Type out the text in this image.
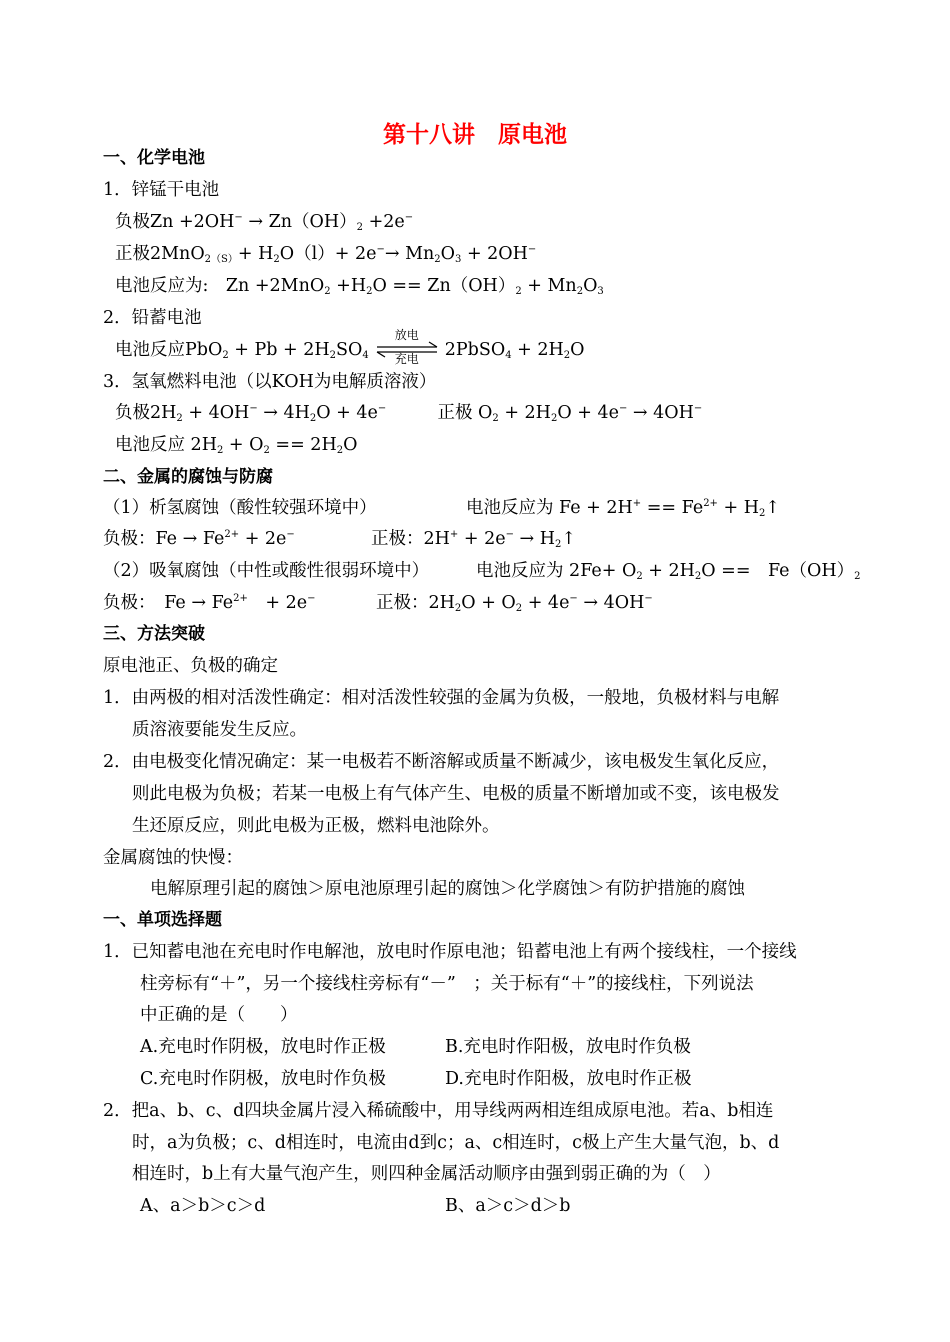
第十八讲　原电池
一、化学电池
1．锌锰干电池
负极$Zn +2OH^- \to Zn(OH)_2 +2e^-$
正极$2MnO_{2(S)}+ H_2O(l)+ 2e^-\to Mn_2O_3 + 2OH^-$
电池反应为:　$Zn +2MnO_2 +H_2O == Zn(OH)_2 + Mn_2O_3$
2．铅蓄电池
电池反应$PbO_2 + Pb + 2H_2SO_4$
放电
充电	2PbSO$_4$ + $2H_2O$
3．氢氧燃料电池（以KOH为电解质溶液）
负极$2H_2 + 4OH^- \to 4H_2O + 4e^-$	正极 $O_2 + 2H_2O + 4e^- \to 4OH^-$
电池反应 $2H_2 + O_2 == 2H_2O$
二、金属的腐蚀与防腐
（1）析氢腐蚀（酸性较强环境中）	电池反应为 $Fe + 2H^+ == Fe^{2+}$ + $H_2↑$
负极：$Fe \to Fe^{2+} + 2e^-$	正极：$2H^+ + 2e^- \to H_2↑$
（2）吸氧腐蚀（中性或酸性很弱环境中）	电池反应为 $2Fe+ O_2 + 2H_2O$ ==　$Fe(OH)_2$
负极：　$Fe \to Fe^{2+}$　+ 2e−	正极：$2H_2O + O_2 + 4e^- \to 4OH^-$
三、方法突破
原电池正、负极的确定
1．由两极的相对活泼性确定：相对活泼性较强的金属为负极，一般地，负极材料与电解
质溶液要能发生反应。
2．由电极变化情况确定：某一电极若不断溶解或质量不断减少，该电极发生氧化反应，
则此电极为负极；若某一电极上有气体产生、电极的质量不断增加或不变，该电极发
生还原反应，则此电极为正极，燃料电池除外。
金属腐蚀的快慢：
电解原理引起的腐蚀＞原电池原理引起的腐蚀＞化学腐蚀＞有防护措施的腐蚀
一、单项选择题
1．已知蓄电池在充电时作电解池，放电时作原电池；铅蓄电池上有两个接线柱，一个接线
柱旁标有“＋”，另一个接线柱旁标有“－”　；关于标有“＋”的接线柱，下列说法
中正确的是（　　）
A.充电时作阴极，放电时作正极	B.充电时作阳极，放电时作负极
C.充电时作阴极，放电时作负极	D.充电时作阳极，放电时作正极
2．把a、b、c、d四块金属片浸入稀硫酸中，用导线两两相连组成原电池。若a、b相连
时，a为负极；c、d相连时，电流由d到c；a、c相连时，c极上产生大量气泡，b、d
相连时，b上有大量气泡产生，则四种金属活动顺序由强到弱正确的为（　）
A、a＞b＞c＞d	B、a＞c＞d＞b
